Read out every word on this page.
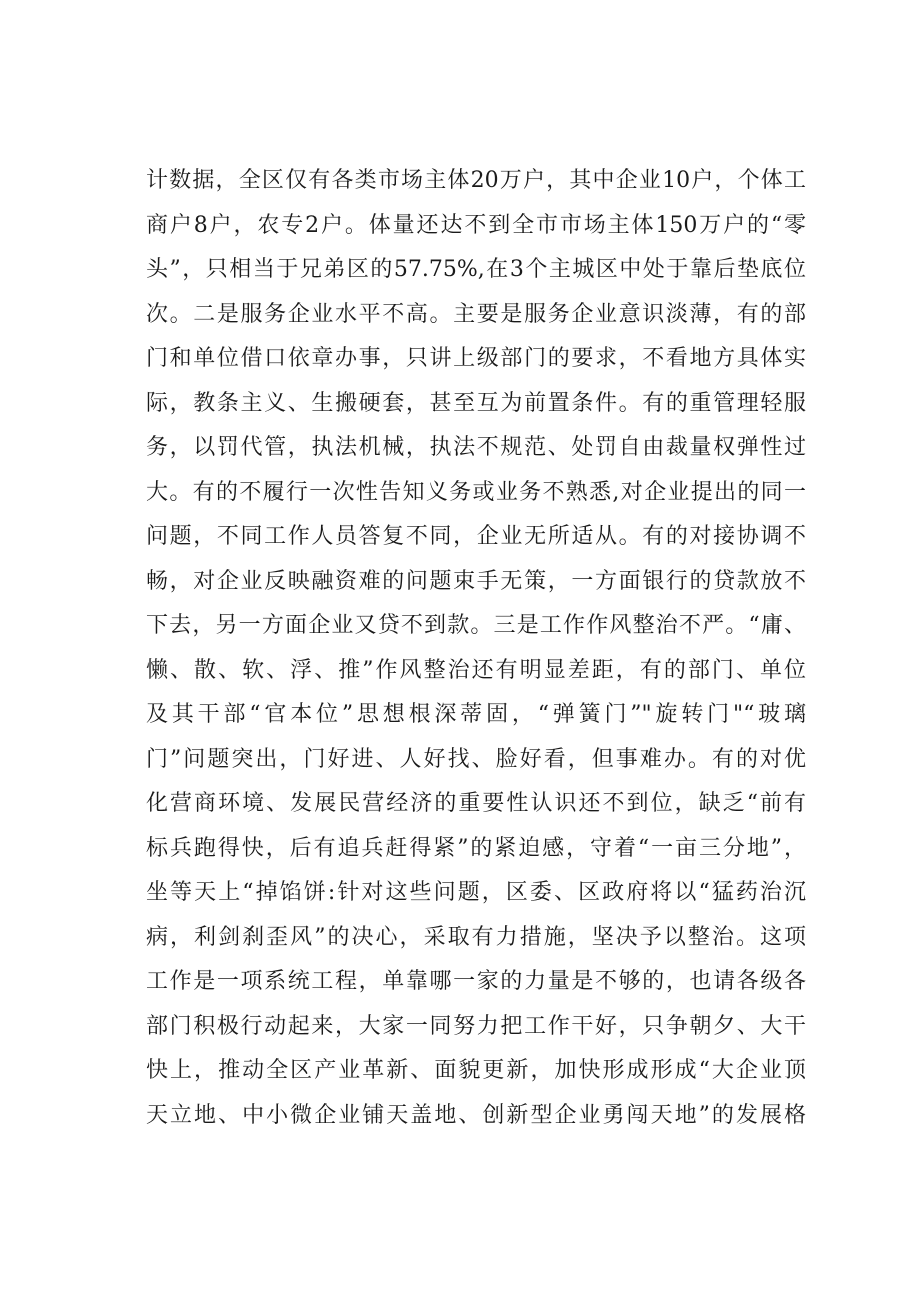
计数据，全区仅有各类市场主体20万户，其中企业10户，个体工
商户8户，农专2户。体量还达不到全市市场主体150万户的“零
头”，只相当于兄弟区的57.75%,在3个主城区中处于靠后垫底位
次。二是服务企业水平不高。主要是服务企业意识淡薄，有的部
门和单位借口依章办事，只讲上级部门的要求，不看地方具体实
际，教条主义、生搬硬套，甚至互为前置条件。有的重管理轻服
务，以罚代管，执法机械，执法不规范、处罚自由裁量权弹性过
大。有的不履行一次性告知义务或业务不熟悉,对企业提出的同一
问题，不同工作人员答复不同，企业无所适从。有的对接协调不
畅，对企业反映融资难的问题束手无策，一方面银行的贷款放不
下去，另一方面企业又贷不到款。三是工作作风整治不严。“庸、
懒、散、软、浮、推”作风整治还有明显差距，有的部门、单位
及其干部“官本位”思想根深蒂固，“弹簧门”"旋转门"“玻璃
门”问题突出，门好进、人好找、脸好看，但事难办。有的对优
化营商环境、发展民营经济的重要性认识还不到位，缺乏“前有
标兵跑得快，后有追兵赶得紧”的紧迫感，守着“一亩三分地”，
坐等天上“掉馅饼:针对这些问题，区委、区政府将以“猛药治沉
病，利剑刹歪风”的决心，采取有力措施，坚决予以整治。这项
工作是一项系统工程，单靠哪一家的力量是不够的，也请各级各
部门积极行动起来，大家一同努力把工作干好，只争朝夕、大干
快上，推动全区产业革新、面貌更新，加快形成形成“大企业顶
天立地、中小微企业铺天盖地、创新型企业勇闯天地”的发展格
